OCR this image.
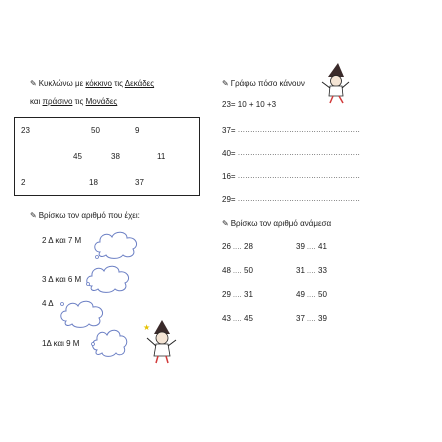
✎ Κυκλώνω με κόκκινο τις Δεκάδες
και πράσινο τις Μονάδες
23	50	9
45	38	11
2	18	37
✎ Βρίσκω τον αριθμό που έχει:
2 Δ και 7 Μ
3 Δ και 6 Μ
4 Δ
1Δ και 9 Μ
★
✎ Γράφω πόσο κάνουν
23= 10 + 10 +3
37= ..................................................
40= ..................................................
16= ..................................................
29= ..................................................
✎ Βρίσκω τον αριθμό ανάμεσα
26 .... 28	39 .... 41
48 .... 50	31 .... 33
29 .... 31	49 .... 50
43 .... 45	37 .... 39
